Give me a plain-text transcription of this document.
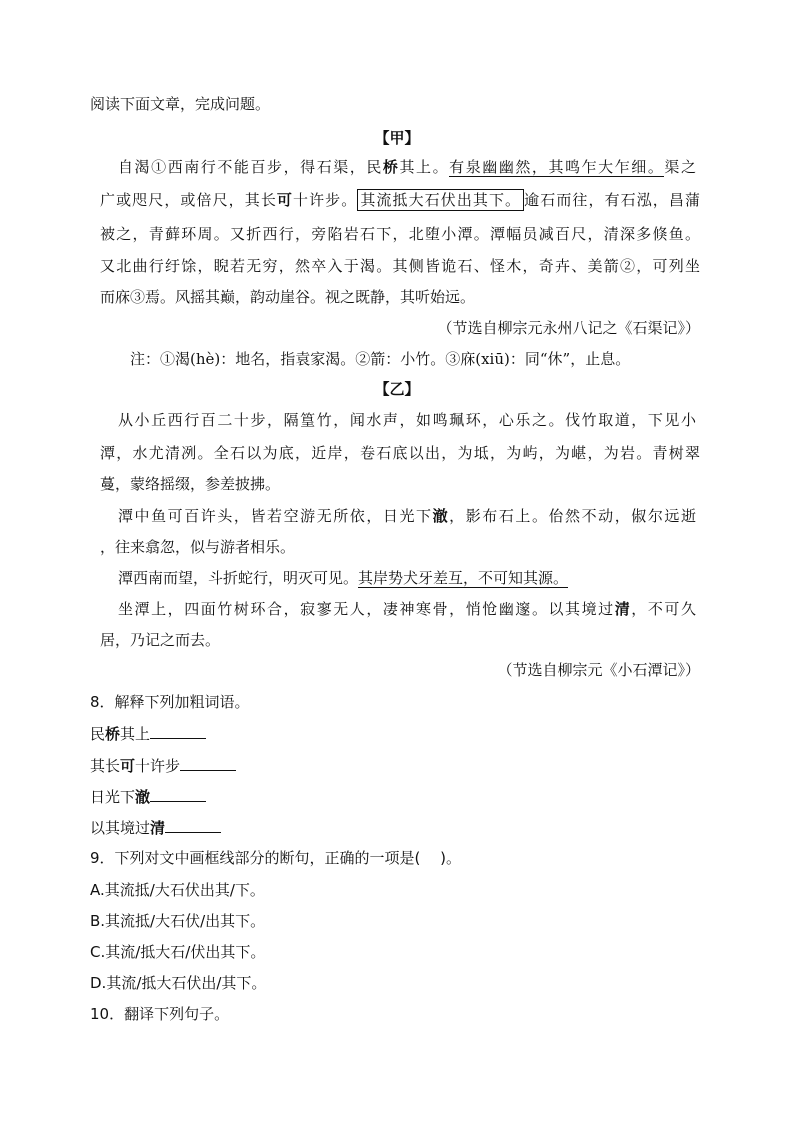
阅读下面文章，完成问题。
【甲】
自渴①西南行不能百步，得石渠，民桥其上。有泉幽幽然，其鸣乍大乍细。渠之
广或咫尺，或倍尺，其长可十许步。 其流抵大石伏出其下。 逾石而往，有石泓，昌蒲
被之，青藓环周。又折西行，旁陷岩石下，北堕小潭。潭幅员减百尺，清深多倏鱼。
又北曲行纡馀，睨若无穷，然卒入于渴。其侧皆诡石、怪木，奇卉、美箭②，可列坐
而庥③焉。风摇其巅，韵动崖谷。视之既静，其听始远。
（节选自柳宗元永州八记之《石渠记》）
注：①渴(hè)：地名，指袁家渴。②箭：小竹。③庥(xiū)：同“休”，止息。
【乙】
从小丘西行百二十步，隔篁竹，闻水声，如鸣珮环，心乐之。伐竹取道，下见小
潭，水尤清冽。全石以为底，近岸，卷石底以出，为坻，为屿，为嵁，为岩。青树翠
蔓，蒙络摇缀，参差披拂。
潭中鱼可百许头，皆若空游无所依，日光下澈，影布石上。佁然不动，俶尔远逝
，往来翕忽，似与游者相乐。
潭西南而望，斗折蛇行，明灭可见。其岸势犬牙差互，不可知其源。
坐潭上，四面竹树环合，寂寥无人，凄神寒骨，悄怆幽邃。以其境过清，不可久
居，乃记之而去。
（节选自柳宗元《小石潭记》）
8．解释下列加粗词语。
民桥其上
其长可十许步
日光下澈
以其境过清
9．下列对文中画框线部分的断句，正确的一项是(　 )。
A.其流抵/大石伏出其/下。
B.其流抵/大石伏/出其下。
C.其流/抵大石/伏出其下。
D.其流/抵大石伏出/其下。
10．翻译下列句子。
